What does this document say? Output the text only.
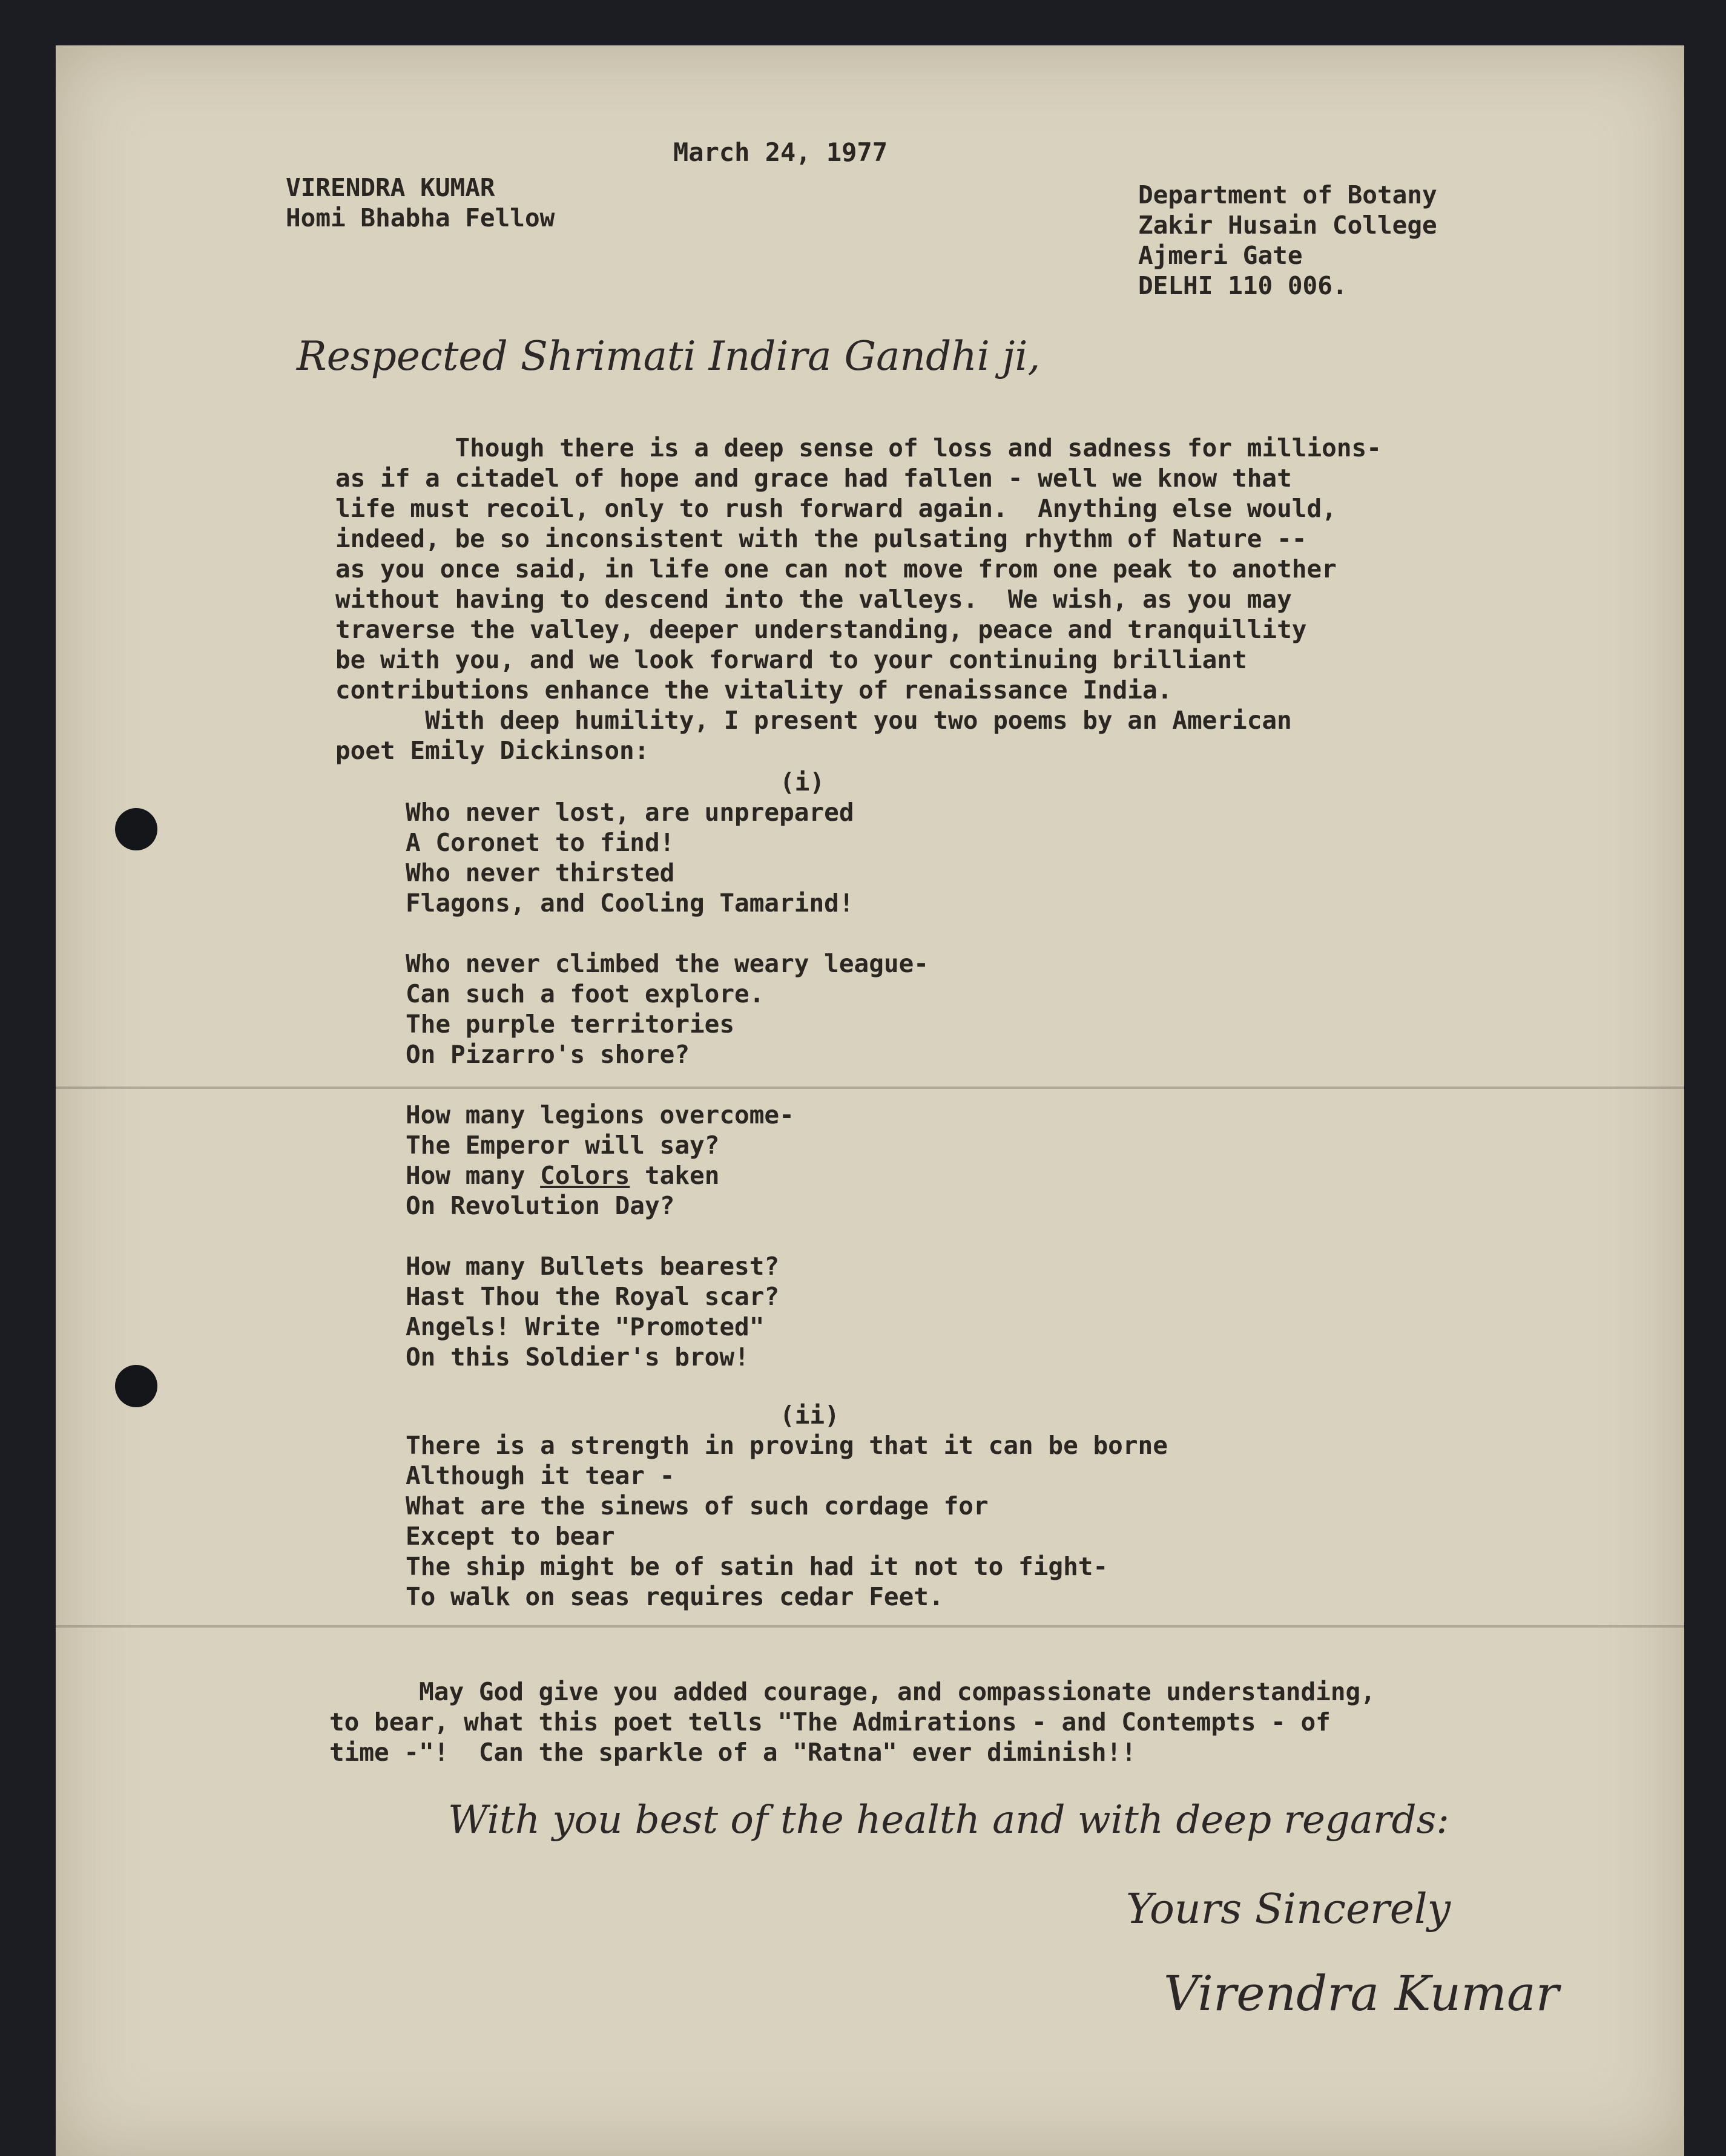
March 24, 1977
VIRENDRA KUMAR
Homi Bhabha Fellow
Department of Botany
Zakir Husain College
Ajmeri Gate
DELHI 110 006.
Respected Shrimati Indira Gandhi ji,
Though there is a deep sense of loss and sadness for millions-
as if a citadel of hope and grace had fallen - well we know that
life must recoil, only to rush forward again.  Anything else would,
indeed, be so inconsistent with the pulsating rhythm of Nature --
as you once said, in life one can not move from one peak to another
without having to descend into the valleys.  We wish, as you may
traverse the valley, deeper understanding, peace and tranquillity
be with you, and we look forward to your continuing brilliant
contributions enhance the vitality of renaissance India.
With deep humility, I present you two poems by an American
poet Emily Dickinson:
(i)
Who never lost, are unprepared
A Coronet to find!
Who never thirsted
Flagons, and Cooling Tamarind!
Who never climbed the weary league-
Can such a foot explore.
The purple territories
On Pizarro's shore?
How many legions overcome-
The Emperor will say?
How many Colors taken
On Revolution Day?
How many Bullets bearest?
Hast Thou the Royal scar?
Angels! Write "Promoted"
On this Soldier's brow!
(ii)
There is a strength in proving that it can be borne
Although it tear -
What are the sinews of such cordage for
Except to bear
The ship might be of satin had it not to fight-
To walk on seas requires cedar Feet.
May God give you added courage, and compassionate understanding,
to bear, what this poet tells "The Admirations - and Contempts - of
time -"!  Can the sparkle of a "Ratna" ever diminish!!
With you best of the health and with deep regards:
Yours Sincerely
Virendra Kumar
